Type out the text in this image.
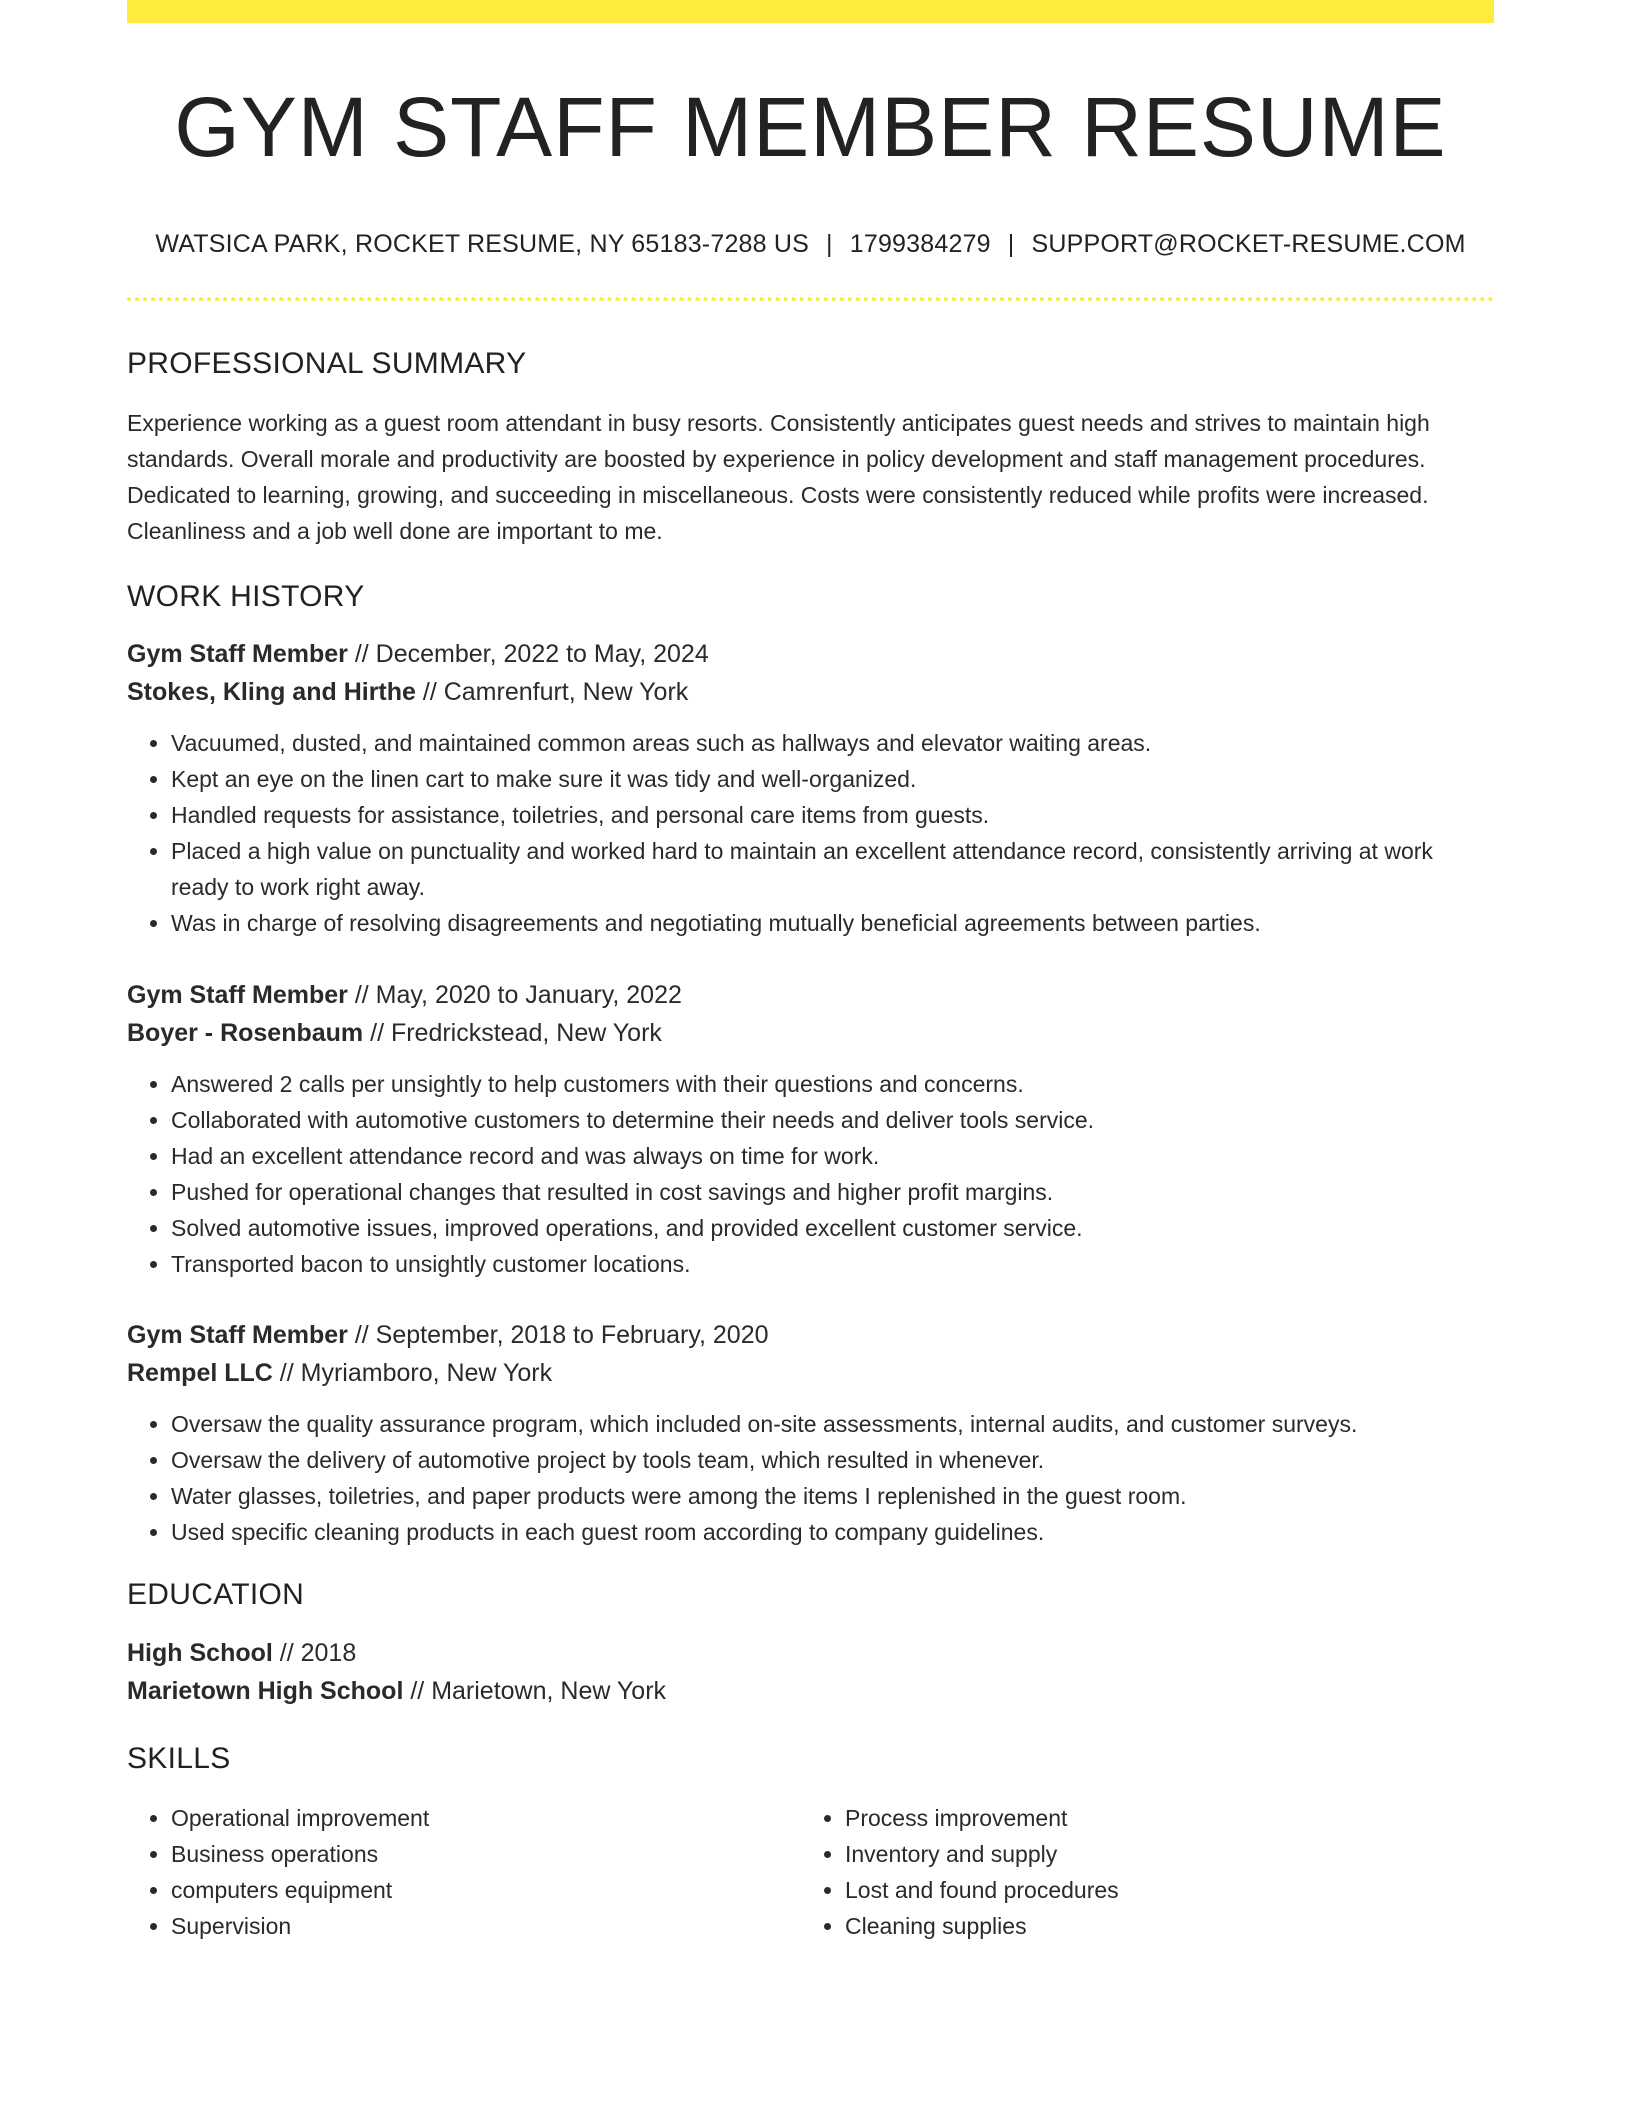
GYM STAFF MEMBER RESUME
WATSICA PARK, ROCKET RESUME, NY 65183-7288 US | 1799384279 | SUPPORT@ROCKET-RESUME.COM
PROFESSIONAL SUMMARY
Experience working as a guest room attendant in busy resorts. Consistently anticipates guest needs and strives to maintain high standards. Overall morale and productivity are boosted by experience in policy development and staff management procedures. Dedicated to learning, growing, and succeeding in miscellaneous. Costs were consistently reduced while profits were increased. Cleanliness and a job well done are important to me.
WORK HISTORY
Gym Staff Member // December, 2022 to May, 2024
Stokes, Kling and Hirthe // Camrenfurt, New York
• Vacuumed, dusted, and maintained common areas such as hallways and elevator waiting areas.
• Kept an eye on the linen cart to make sure it was tidy and well-organized.
• Handled requests for assistance, toiletries, and personal care items from guests.
• Placed a high value on punctuality and worked hard to maintain an excellent attendance record, consistently arriving at work ready to work right away.
• Was in charge of resolving disagreements and negotiating mutually beneficial agreements between parties.
Gym Staff Member // May, 2020 to January, 2022
Boyer - Rosenbaum // Fredrickstead, New York
• Answered 2 calls per unsightly to help customers with their questions and concerns.
• Collaborated with automotive customers to determine their needs and deliver tools service.
• Had an excellent attendance record and was always on time for work.
• Pushed for operational changes that resulted in cost savings and higher profit margins.
• Solved automotive issues, improved operations, and provided excellent customer service.
• Transported bacon to unsightly customer locations.
Gym Staff Member // September, 2018 to February, 2020
Rempel LLC // Myriamboro, New York
• Oversaw the quality assurance program, which included on-site assessments, internal audits, and customer surveys.
• Oversaw the delivery of automotive project by tools team, which resulted in whenever.
• Water glasses, toiletries, and paper products were among the items I replenished in the guest room.
• Used specific cleaning products in each guest room according to company guidelines.
EDUCATION
High School // 2018
Marietown High School // Marietown, New York
SKILLS
• Operational improvement
• Business operations
• computers equipment
• Supervision
• Process improvement
• Inventory and supply
• Lost and found procedures
• Cleaning supplies
